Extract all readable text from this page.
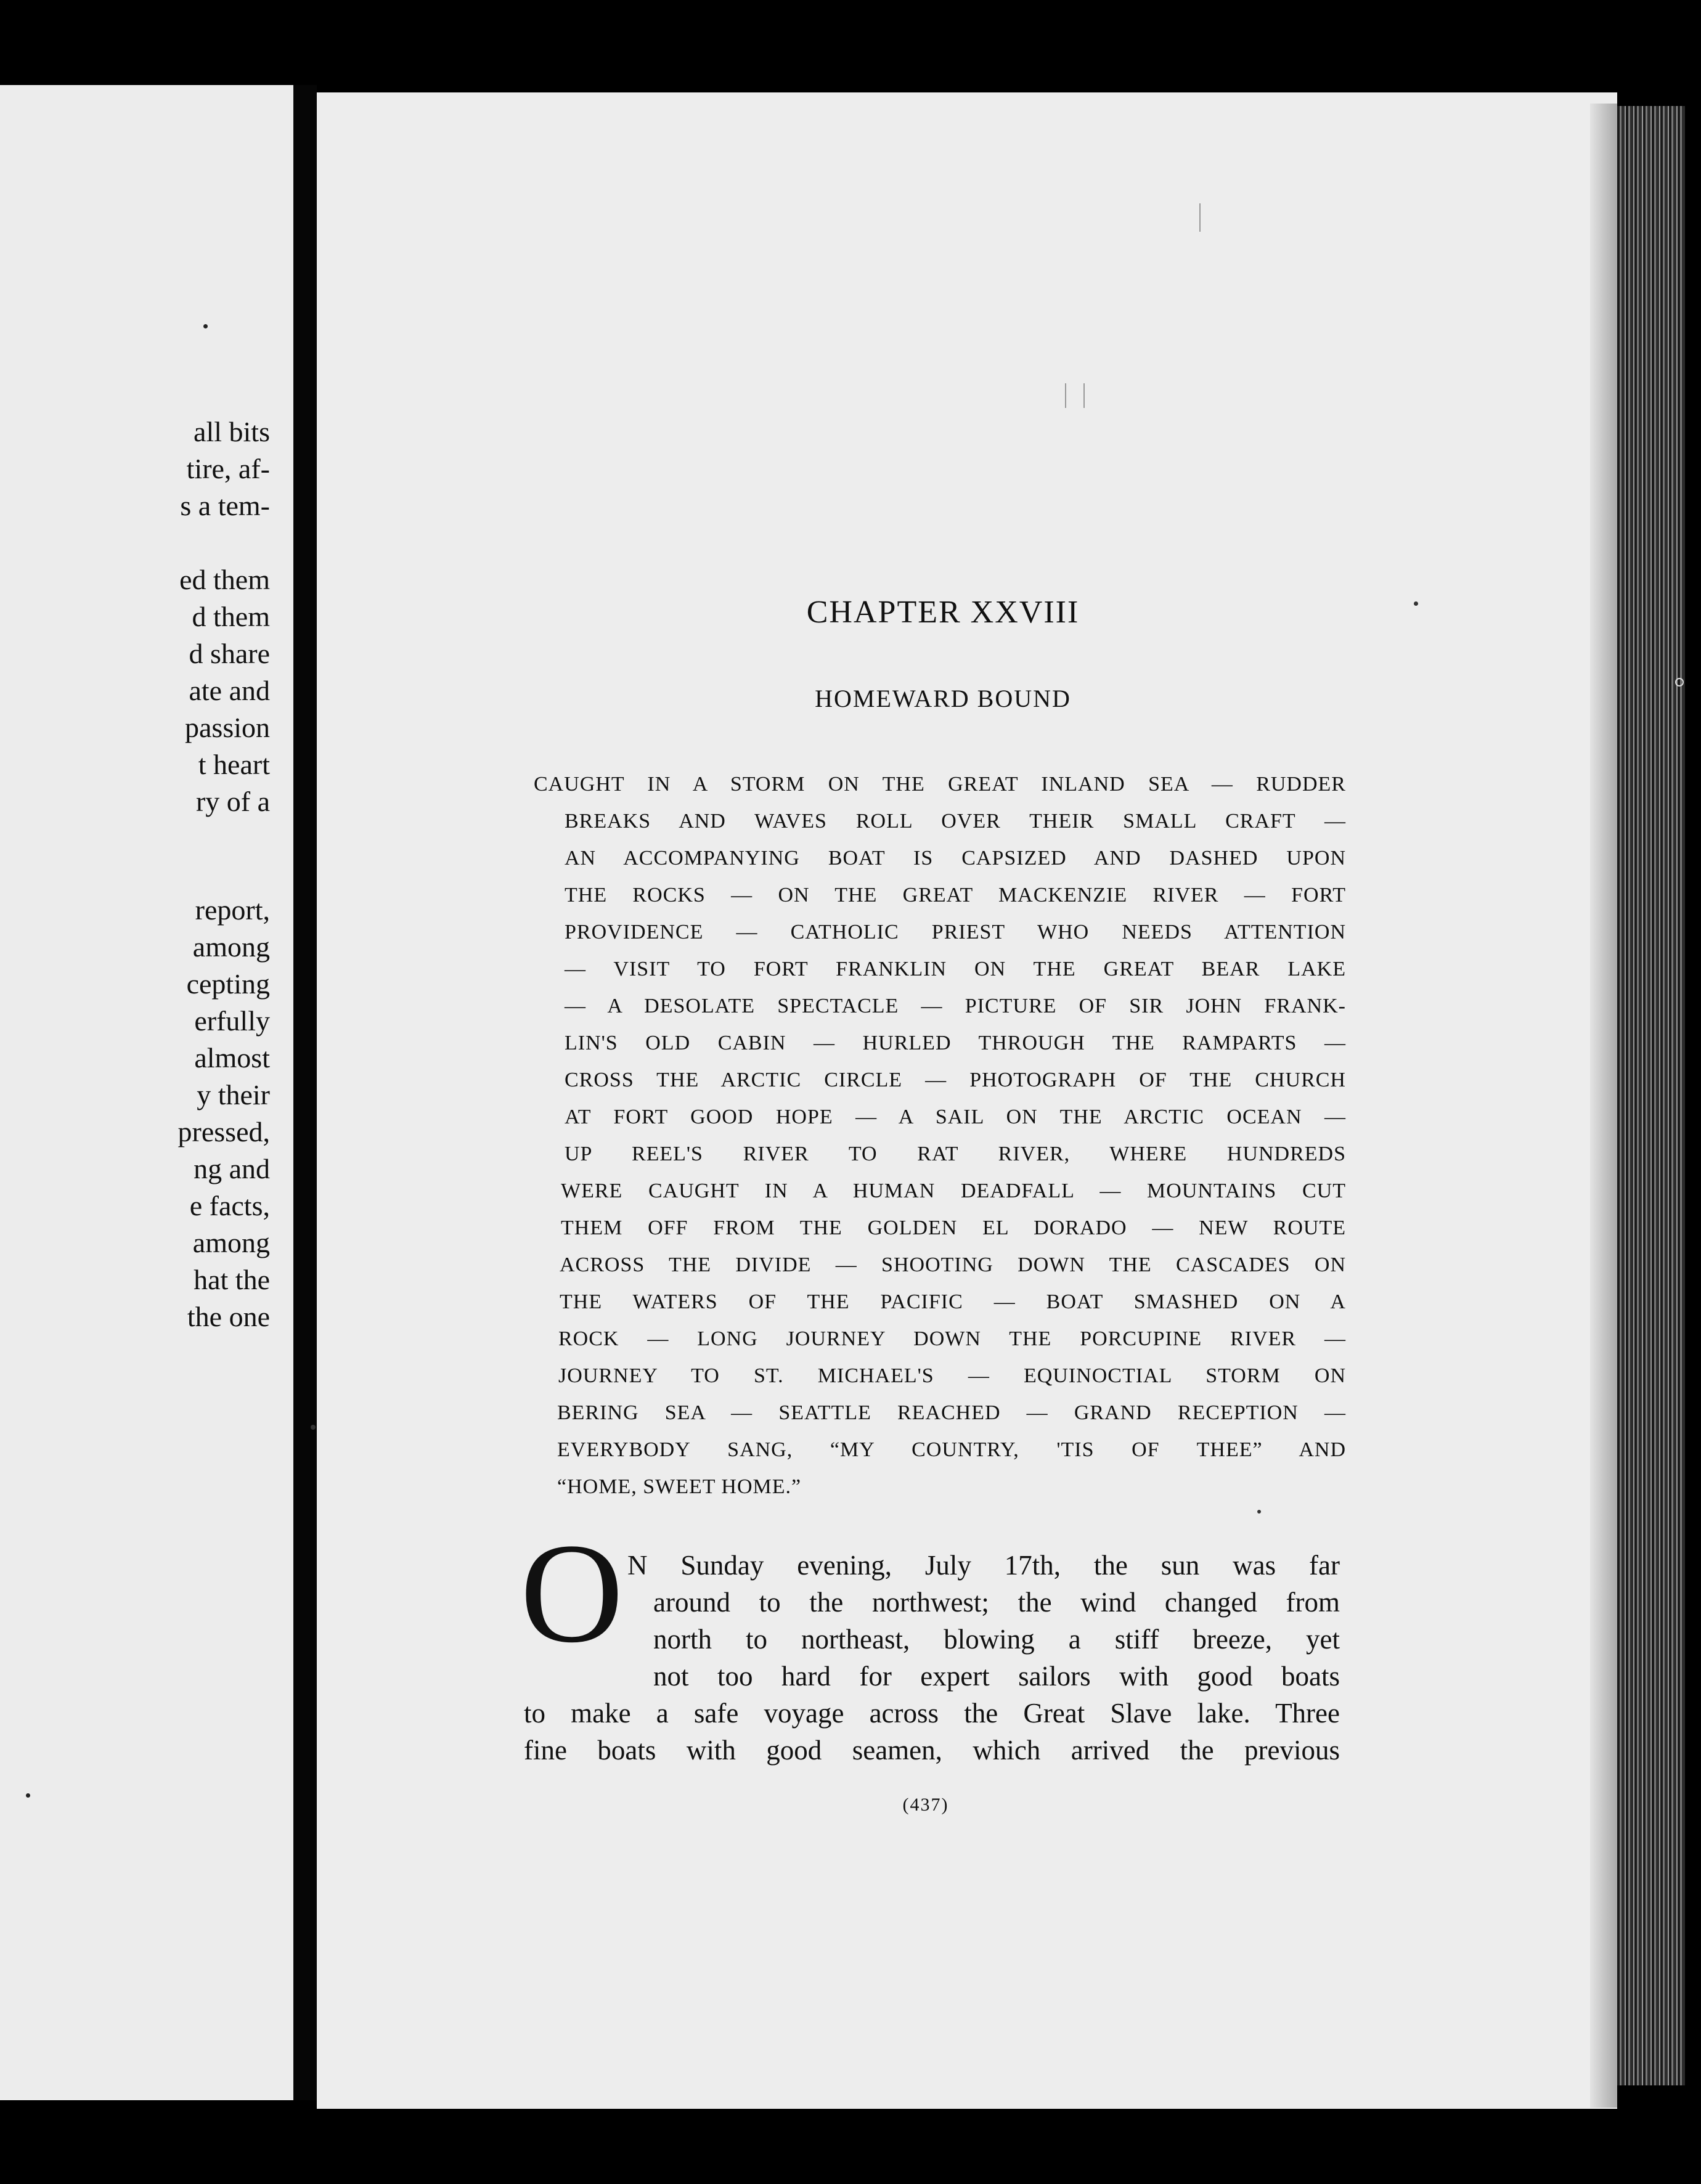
all bits
tire, af-
s a tem-
ed them
d them
d share
ate and
passion
t heart
ry of a
report,
among
cepting
erfully
almost
y their
pressed,
ng and
e facts,
among
hat the
the one
CHAPTER XXVIII
HOMEWARD BOUND
CAUGHT IN A STORM ON THE GREAT INLAND SEA — RUDDER
BREAKS AND WAVES ROLL OVER THEIR SMALL CRAFT —
AN ACCOMPANYING BOAT IS CAPSIZED AND DASHED UPON
THE ROCKS — ON THE GREAT MACKENZIE RIVER — FORT
PROVIDENCE — CATHOLIC PRIEST WHO NEEDS ATTENTION
— VISIT TO FORT FRANKLIN ON THE GREAT BEAR LAKE
— A DESOLATE SPECTACLE — PICTURE OF SIR JOHN FRANK-
LIN'S OLD CABIN — HURLED THROUGH THE RAMPARTS —
CROSS THE ARCTIC CIRCLE — PHOTOGRAPH OF THE CHURCH
AT FORT GOOD HOPE — A SAIL ON THE ARCTIC OCEAN —
UP REEL'S RIVER TO RAT RIVER, WHERE HUNDREDS
WERE CAUGHT IN A HUMAN DEADFALL — MOUNTAINS CUT
THEM OFF FROM THE GOLDEN EL DORADO — NEW ROUTE
ACROSS THE DIVIDE — SHOOTING DOWN THE CASCADES ON
THE WATERS OF THE PACIFIC — BOAT SMASHED ON A
ROCK — LONG JOURNEY DOWN THE PORCUPINE RIVER —
JOURNEY TO ST. MICHAEL'S — EQUINOCTIAL STORM ON
BERING SEA — SEATTLE REACHED — GRAND RECEPTION —
EVERYBODY SANG, “MY COUNTRY, 'TIS OF THEE” AND
“HOME, SWEET HOME.”
O N Sunday evening, July 17th, the sun was far
around to the northwest; the wind changed from
north to northeast, blowing a stiff breeze, yet
not too hard for expert sailors with good boats
to make a safe voyage across the Great Slave lake. Three
fine boats with good seamen, which arrived the previous
(437)
